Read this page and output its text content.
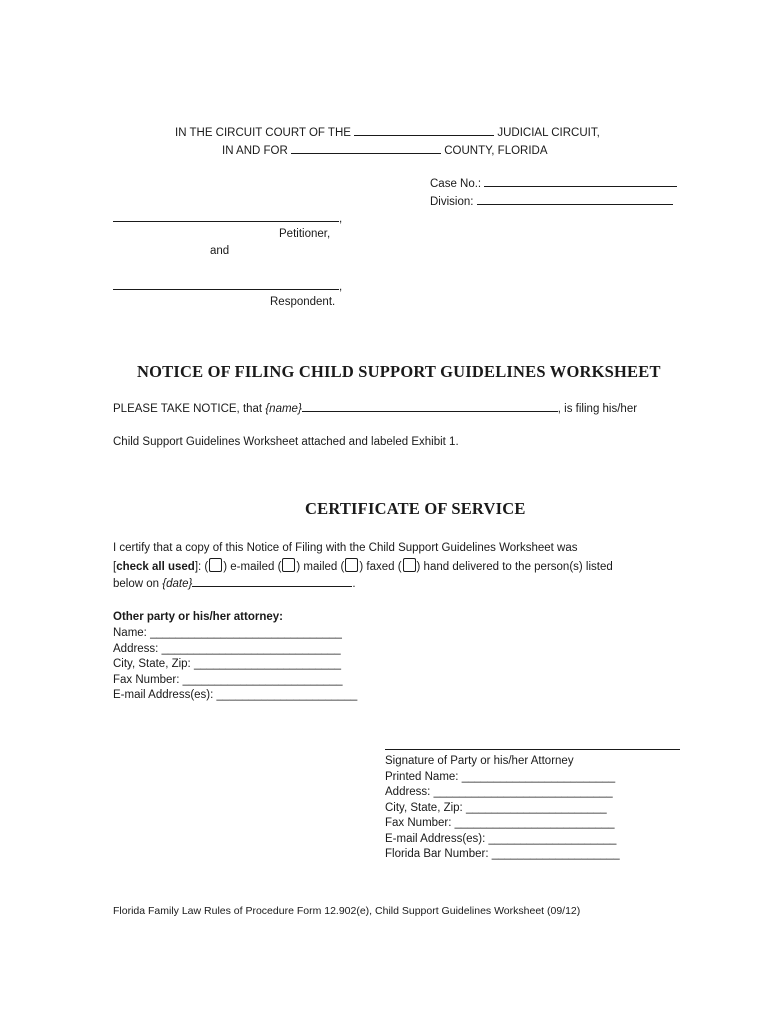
IN THE CIRCUIT COURT OF THE	JUDICIAL CIRCUIT,
IN AND FOR	COUNTY, FLORIDA
Case No.:
Division:
,
Petitioner,
and
,
Respondent.
NOTICE OF FILING CHILD SUPPORT GUIDELINES WORKSHEET
PLEASE TAKE NOTICE, that {name}	, is filing his/her
Child Support Guidelines Worksheet attached and labeled Exhibit 1.
CERTIFICATE OF SERVICE
I certify that a copy of this Notice of Filing with the Child Support Guidelines Worksheet was
[check all used]: ( ) e-mailed ( ) mailed ( ) faxed ( ) hand delivered to the person(s) listed
below on {date}	.
Other party or his/her attorney:
Name: ______________________________
Address: ____________________________
City, State, Zip: _______________________
Fax Number: _________________________
E-mail Address(es): ______________________
Signature of Party or his/her Attorney
Printed Name: ________________________
Address: ____________________________
City, State, Zip: ______________________
Fax Number: _________________________
E-mail Address(es): ____________________
Florida Bar Number: ____________________
Florida Family Law Rules of Procedure Form 12.902(e), Child Support Guidelines Worksheet (09/12)
